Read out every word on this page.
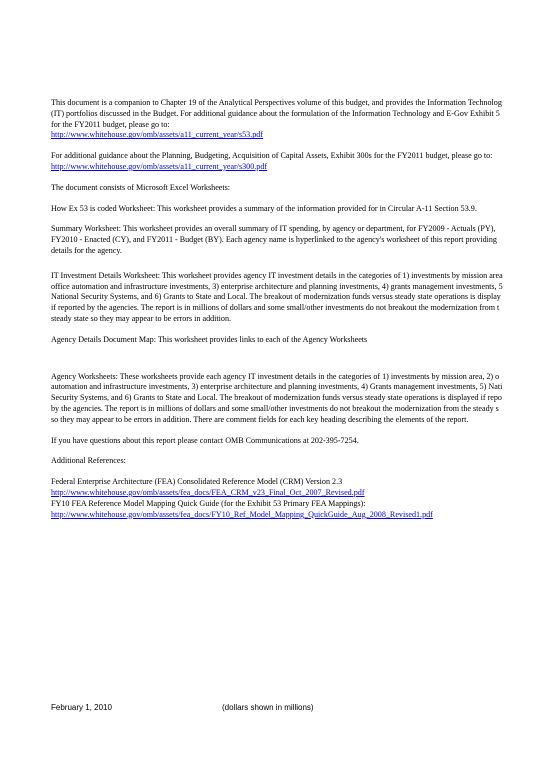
This document is a companion to Chapter 19 of the Analytical Perspectives volume of this budget, and provides the Information Technolog

(IT) portfolios discussed in the Budget. For additional guidance about the formulation of the Information Technology and E-Gov Exhibit 5

for the FY2011 budget, please go to:

http://www.whitehouse.gov/omb/assets/a11_current_year/s53.pdf

For additional guidance about the Planning, Budgeting, Acquisition of Capital Assets, Exhibit 300s for the FY2011 budget, please go to:

http://www.whitehouse.gov/omb/assets/a11_current_year/s300.pdf

The document consists of Microsoft Excel Worksheets:

How Ex 53 is coded Worksheet: This worksheet provides a summary of the information provided for in Circular A-11 Section 53.9.

Summary Worksheet: This worksheet provides an overall summary of IT spending, by agency or department, for FY2009 - Actuals (PY),

FY2010 - Enacted (CY), and FY2011 - Budget (BY). Each agency name is hyperlinked to the agency's worksheet of this report providing

details for the agency.

IT Investment Details Worksheet: This worksheet provides agency IT investment details in the categories of 1) investments by mission area

office automation and infrastructure investments, 3) enterprise architecture and planning investments, 4) grants management investments, 5

National Security Systems, and 6) Grants to State and Local. The breakout of modernization funds versus steady state operations is display

if reported by the agencies. The report is in millions of dollars and some small/other investments do not breakout the modernization from t

steady state so they may appear to be errors in addition.

Agency Details Document Map: This worksheet provides links to each of the Agency Worksheets

Agency Worksheets: These worksheets provide each agency IT investment details in the categories of 1) investments by mission area, 2) o

automation and infrastructure investments, 3) enterprise architecture and planning investments, 4) Grants management investments, 5) Nati

Security Systems, and 6) Grants to State and Local. The breakout of modernization funds versus steady state operations is displayed if repo

by the agencies. The report is in millions of dollars and some small/other investments do not breakout the modernization from the steady s

so they may appear to be errors in addition. There are comment fields for each key heading describing the elements of the report.

If you have questions about this report please contact OMB Communications at 202-395-7254.

Additional References:

Federal Enterprise Architecture (FEA) Consolidated Reference Model (CRM) Version 2.3

http://www.whitehouse.gov/omb/assets/fea_docs/FEA_CRM_v23_Final_Oct_2007_Revised.pdf

FY10 FEA Reference Model Mapping Quick Guide (for the Exhibit 53 Primary FEA Mappings):

http://www.whitehouse.gov/omb/assets/fea_docs/FY10_Ref_Model_Mapping_QuickGuide_Aug_2008_Revised1.pdf

February 1, 2010	(dollars shown in millions)
